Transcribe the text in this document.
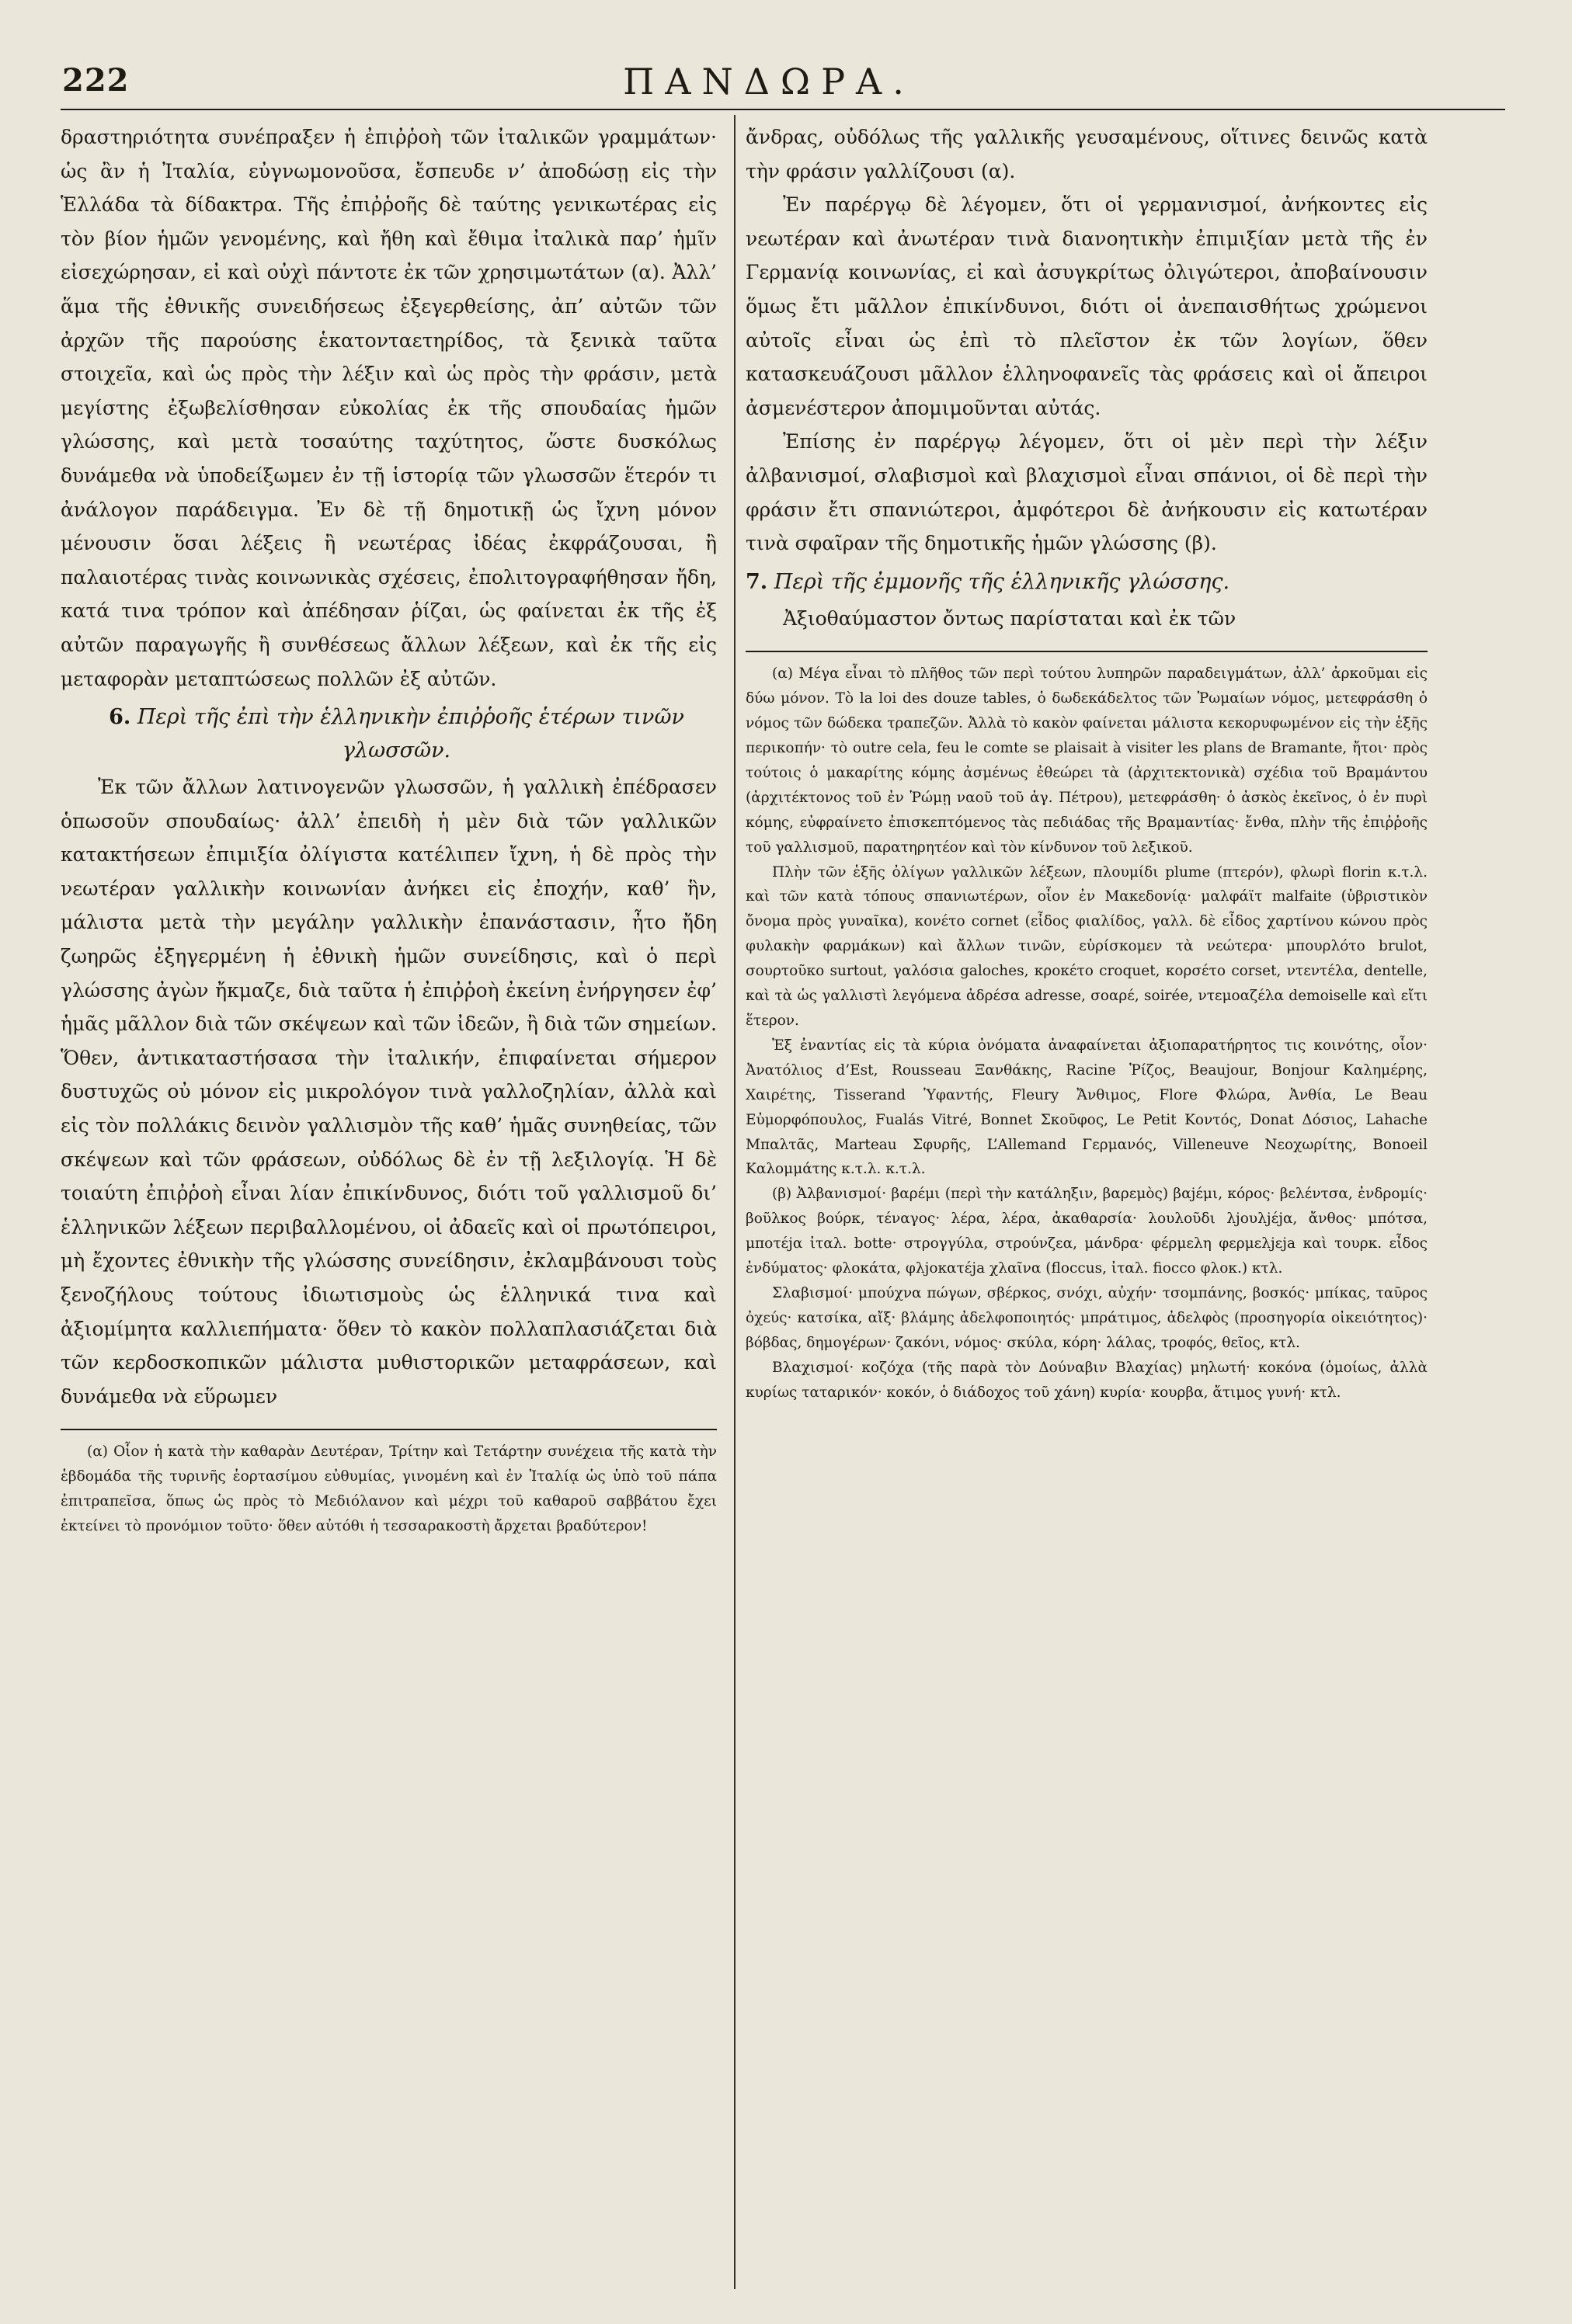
222	ΠΑΝΔΩΡΑ.

δραστηριότητα συνέπραξεν ἡ ἐπιῤῥοὴ τῶν ἰταλικῶν γραμμάτων· ὡς ἂν ἡ Ἰταλία, εὐγνωμονοῦσα, ἔσπευδε ν’ ἀποδώσῃ εἰς τὴν Ἑλλάδα τὰ δίδακτρα. Τῆς ἐπιῤῥοῆς δὲ ταύτης γενικωτέρας εἰς τὸν βίον ἡμῶν γενομένης, καὶ ἤθη καὶ ἔθιμα ἰταλικὰ παρ’ ἡμῖν εἰσεχώρησαν, εἰ καὶ οὐχὶ πάντοτε ἐκ τῶν χρησιμωτάτων (α). Ἀλλ’ ἅμα τῆς ἐθνικῆς συνειδήσεως ἐξεγερθείσης, ἀπ’ αὐτῶν τῶν ἀρχῶν τῆς παρούσης ἑκατονταετηρίδος, τὰ ξενικὰ ταῦτα στοιχεῖα, καὶ ὡς πρὸς τὴν λέξιν καὶ ὡς πρὸς τὴν φράσιν, μετὰ μεγίστης ἐξωβελίσθησαν εὐκολίας ἐκ τῆς σπουδαίας ἡμῶν γλώσσης, καὶ μετὰ τοσαύτης ταχύτητος, ὥστε δυσκόλως δυνάμεθα νὰ ὑποδείξωμεν ἐν τῇ ἱστορίᾳ τῶν γλωσσῶν ἕτερόν τι ἀνάλογον παράδειγμα. Ἐν δὲ τῇ δημοτικῇ ὡς ἴχνη μόνον μένουσιν ὅσαι λέξεις ἢ νεωτέρας ἰδέας ἐκφράζουσαι, ἢ παλαιοτέρας τινὰς κοινωνικὰς σχέσεις, ἐπολιτογραφήθησαν ἤδη, κατά τινα τρόπον καὶ ἀπέδησαν ῥίζαι, ὡς φαίνεται ἐκ τῆς ἐξ αὐτῶν παραγωγῆς ἢ συνθέσεως ἄλλων λέξεων, καὶ ἐκ τῆς εἰς μεταφορὰν μεταπτώσεως πολλῶν ἐξ αὐτῶν.

6. Περὶ τῆς ἐπὶ τὴν ἑλληνικὴν ἐπιῤῥοῆς ἑτέρων τινῶν γλωσσῶν.

Ἐκ τῶν ἄλλων λατινογενῶν γλωσσῶν, ἡ γαλλικὴ ἐπέδρασεν ὁπωσοῦν σπουδαίως· ἀλλ’ ἐπειδὴ ἡ μὲν διὰ τῶν γαλλικῶν κατακτήσεων ἐπιμιξία ὀλίγιστα κατέλιπεν ἴχνη, ἡ δὲ πρὸς τὴν νεωτέραν γαλλικὴν κοινωνίαν ἀνήκει εἰς ἐποχήν, καθ’ ἣν, μάλιστα μετὰ τὴν μεγάλην γαλλικὴν ἐπανάστασιν, ἦτο ἤδη ζωηρῶς ἐξηγερμένη ἡ ἐθνικὴ ἡμῶν συνείδησις, καὶ ὁ περὶ γλώσσης ἀγὼν ἤκμαζε, διὰ ταῦτα ἡ ἐπιῤῥοὴ ἐκείνη ἐνήργησεν ἐφ’ ἡμᾶς μᾶλλον διὰ τῶν σκέψεων καὶ τῶν ἰδεῶν, ἢ διὰ τῶν σημείων. Ὅθεν, ἀντικαταστήσασα τὴν ἰταλικήν, ἐπιφαίνεται σήμερον δυστυχῶς οὐ μόνον εἰς μικρολόγον τινὰ γαλλοζηλίαν, ἀλλὰ καὶ εἰς τὸν πολλάκις δεινὸν γαλλισμὸν τῆς καθ’ ἡμᾶς συνηθείας, τῶν σκέψεων καὶ τῶν φράσεων, οὐδόλως δὲ ἐν τῇ λεξιλογίᾳ. Ἡ δὲ τοιαύτη ἐπιῤῥοὴ εἶναι λίαν ἐπικίνδυνος, διότι τοῦ γαλλισμοῦ δι’ ἑλληνικῶν λέξεων περιβαλλομένου, οἱ ἀδαεῖς καὶ οἱ πρωτόπειροι, μὴ ἔχοντες ἐθνικὴν τῆς γλώσσης συνείδησιν, ἐκλαμβάνουσι τοὺς ξενοζήλους τούτους ἰδιωτισμοὺς ὡς ἑλληνικά τινα καὶ ἀξιομίμητα καλλιεπήματα· ὅθεν τὸ κακὸν πολλαπλασιάζεται διὰ τῶν κερδοσκοπικῶν μάλιστα μυθιστορικῶν μεταφράσεων, καὶ δυνάμεθα νὰ εὕρωμεν

(α) Οἷον ἡ κατὰ τὴν καθαρὰν Δευτέραν, Τρίτην καὶ Τετάρτην συνέχεια τῆς κατὰ τὴν ἑβδομάδα τῆς τυρινῆς ἑορτασίμου εὐθυμίας, γινομένη καὶ ἐν Ἰταλίᾳ ὡς ὑπὸ τοῦ πάπα ἐπιτραπεῖσα, ὅπως ὡς πρὸς τὸ Μεδιόλανον καὶ μέχρι τοῦ καθαροῦ σαββάτου ἔχει ἐκτείνει τὸ προνόμιον τοῦτο· ὅθεν αὐτόθι ἡ τεσσαρακοστὴ ἄρχεται βραδύτερον!

ἄνδρας, οὐδόλως τῆς γαλλικῆς γευσαμένους, οἵτινες δεινῶς κατὰ τὴν φράσιν γαλλίζουσι (α).

Ἐν παρέργῳ δὲ λέγομεν, ὅτι οἱ γερμανισμοί, ἀνήκοντες εἰς νεωτέραν καὶ ἀνωτέραν τινὰ διανοητικὴν ἐπιμιξίαν μετὰ τῆς ἐν Γερμανίᾳ κοινωνίας, εἰ καὶ ἀσυγκρίτως ὀλιγώτεροι, ἀποβαίνουσιν ὅμως ἔτι μᾶλλον ἐπικίνδυνοι, διότι οἱ ἀνεπαισθήτως χρώμενοι αὐτοῖς εἶναι ὡς ἐπὶ τὸ πλεῖστον ἐκ τῶν λογίων, ὅθεν κατασκευάζουσι μᾶλλον ἑλληνοφανεῖς τὰς φράσεις καὶ οἱ ἄπειροι ἀσμενέστερον ἀπομιμοῦνται αὐτάς.

Ἐπίσης ἐν παρέργῳ λέγομεν, ὅτι οἱ μὲν περὶ τὴν λέξιν ἀλβανισμοί, σλαβισμοὶ καὶ βλαχισμοὶ εἶναι σπάνιοι, οἱ δὲ περὶ τὴν φράσιν ἔτι σπανιώτεροι, ἀμφότεροι δὲ ἀνήκουσιν εἰς κατωτέραν τινὰ σφαῖραν τῆς δημοτικῆς ἡμῶν γλώσσης (β).

7. Περὶ τῆς ἐμμονῆς τῆς ἑλληνικῆς γλώσσης.

Ἀξιοθαύμαστον ὄντως παρίσταται καὶ ἐκ τῶν

(α) Μέγα εἶναι τὸ πλῆθος τῶν περὶ τούτου λυπηρῶν παραδειγμάτων, ἀλλ’ ἀρκοῦμαι εἰς δύω μόνον. Τὸ la loi des douze tables, ὁ δωδεκάδελτος τῶν Ῥωμαίων νόμος, μετεφράσθη ὁ νόμος τῶν δώδεκα τραπεζῶν. Ἀλλὰ τὸ κακὸν φαίνεται μάλιστα κεκορυφωμένον εἰς τὴν ἑξῆς περικοπήν· τὸ outre cela, feu le comte se plaisait à visiter les plans de Bramante, ἤτοι· πρὸς τούτοις ὁ μακαρίτης κόμης ἀσμένως ἐθεώρει τὰ (ἀρχιτεκτονικὰ) σχέδια τοῦ Βραμάντου (ἀρχιτέκτονος τοῦ ἐν Ῥώμῃ ναοῦ τοῦ ἁγ. Πέτρου), μετεφράσθη· ὁ ἀσκὸς ἐκεῖνος, ὁ ἐν πυρὶ κόμης, εὐφραίνετο ἐπισκεπτόμενος τὰς πεδιάδας τῆς Βραμαντίας· ἔνθα, πλὴν τῆς ἐπιῤῥοῆς τοῦ γαλλισμοῦ, παρατηρητέον καὶ τὸν κίνδυνον τοῦ λεξικοῦ.

Πλὴν τῶν ἑξῆς ὀλίγων γαλλικῶν λέξεων, πλουμίδι plume (πτερόν), φλωρὶ florin κ.τ.λ. καὶ τῶν κατὰ τόπους σπανιωτέρων, οἷον ἐν Μακεδονίᾳ· μαλφάϊτ malfaite (ὑβριστικὸν ὄνομα πρὸς γυναῖκα), κονέτο cornet (εἶδος φιαλίδος, γαλλ. δὲ εἶδος χαρτίνου κώνου πρὸς φυλακὴν φαρμάκων) καὶ ἄλλων τινῶν, εὑρίσκομεν τὰ νεώτερα· μπουρλότο brulot, σουρτοῦκο surtout, γαλόσια galoches, κροκέτο croquet, κορσέτο corset, ντεντέλα, dentelle, καὶ τὰ ὡς γαλλιστὶ λεγόμενα ἀδρέσα adresse, σοαρέ, soirée, ντεμοαζέλα demoiselle καὶ εἴτι ἕτερον.

Ἐξ ἐναντίας εἰς τὰ κύρια ὀνόματα ἀναφαίνεται ἀξιοπαρατήρητος τις κοινότης, οἷον· Ἀνατόλιος d’Est, Rousseau Ξανθάκης, Racine Ῥίζος, Beaujour, Bonjour Καλημέρης, Χαιρέτης, Tisserand Ὑφαντής, Fleury Ἄνθιμος, Flore Φλώρα, Ἀνθία, Le Beau Εὐμορφόπουλος, Fualás Vitré, Bonnet Σκοῦφος, Le Petit Κοντός, Donat Δόσιος, Lahache Μπαλτᾶς, Marteau Σφυρῆς, L’Allemand Γερμανός, Villeneuve Νεοχωρίτης, Bonoeil Καλομμάτης κ.τ.λ. κ.τ.λ.

(β) Ἀλβανισμοί· βαρέμι (περὶ τὴν κατάληξιν, βαρεμὸς) βαjέμι, κόρος· βελέντσα, ἐνδρομίς· βοῦλκος βούρκ, τέναγος· λέρα, λέρα, ἀκαθαρσία· λουλοῦδι λjουλjέjα, ἄνθος· μπότσα, μποτέjα ἰταλ. botte· στρογγύλα, στρούνζεα, μάνδρα· φέρμελη φερμελjεja καὶ τουρκ. εἶδος ἐνδύματος· φλοκάτα, φλjοκατέja χλαῖνα (floccus, ἰταλ. fiocco φλοκ.) κτλ.

Σλαβισμοί· μπούχνα πώγων, σβέρκος, σνόχι, αὐχήν· τσομπάνης, βοσκός· μπίκας, ταῦρος ὀχεύς· κατσίκα, αἴξ· βλάμης ἀδελφοποιητός· μπράτιμος, ἀδελφὸς (προσηγορία οἰκειότητος)· βόβδας, δημογέρων· ζακόνι, νόμος· σκύλα, κόρη· λάλας, τροφός, θεῖος, κτλ.

Βλαχισμοί· κοζόχα (τῆς παρὰ τὸν Δούναβιν Βλαχίας) μηλωτή· κοκόνα (ὁμοίως, ἀλλὰ κυρίως ταταρικόν· κοκόν, ὁ διάδοχος τοῦ χάνη) κυρία· κουρβα, ἄτιμος γυνή· κτλ.
